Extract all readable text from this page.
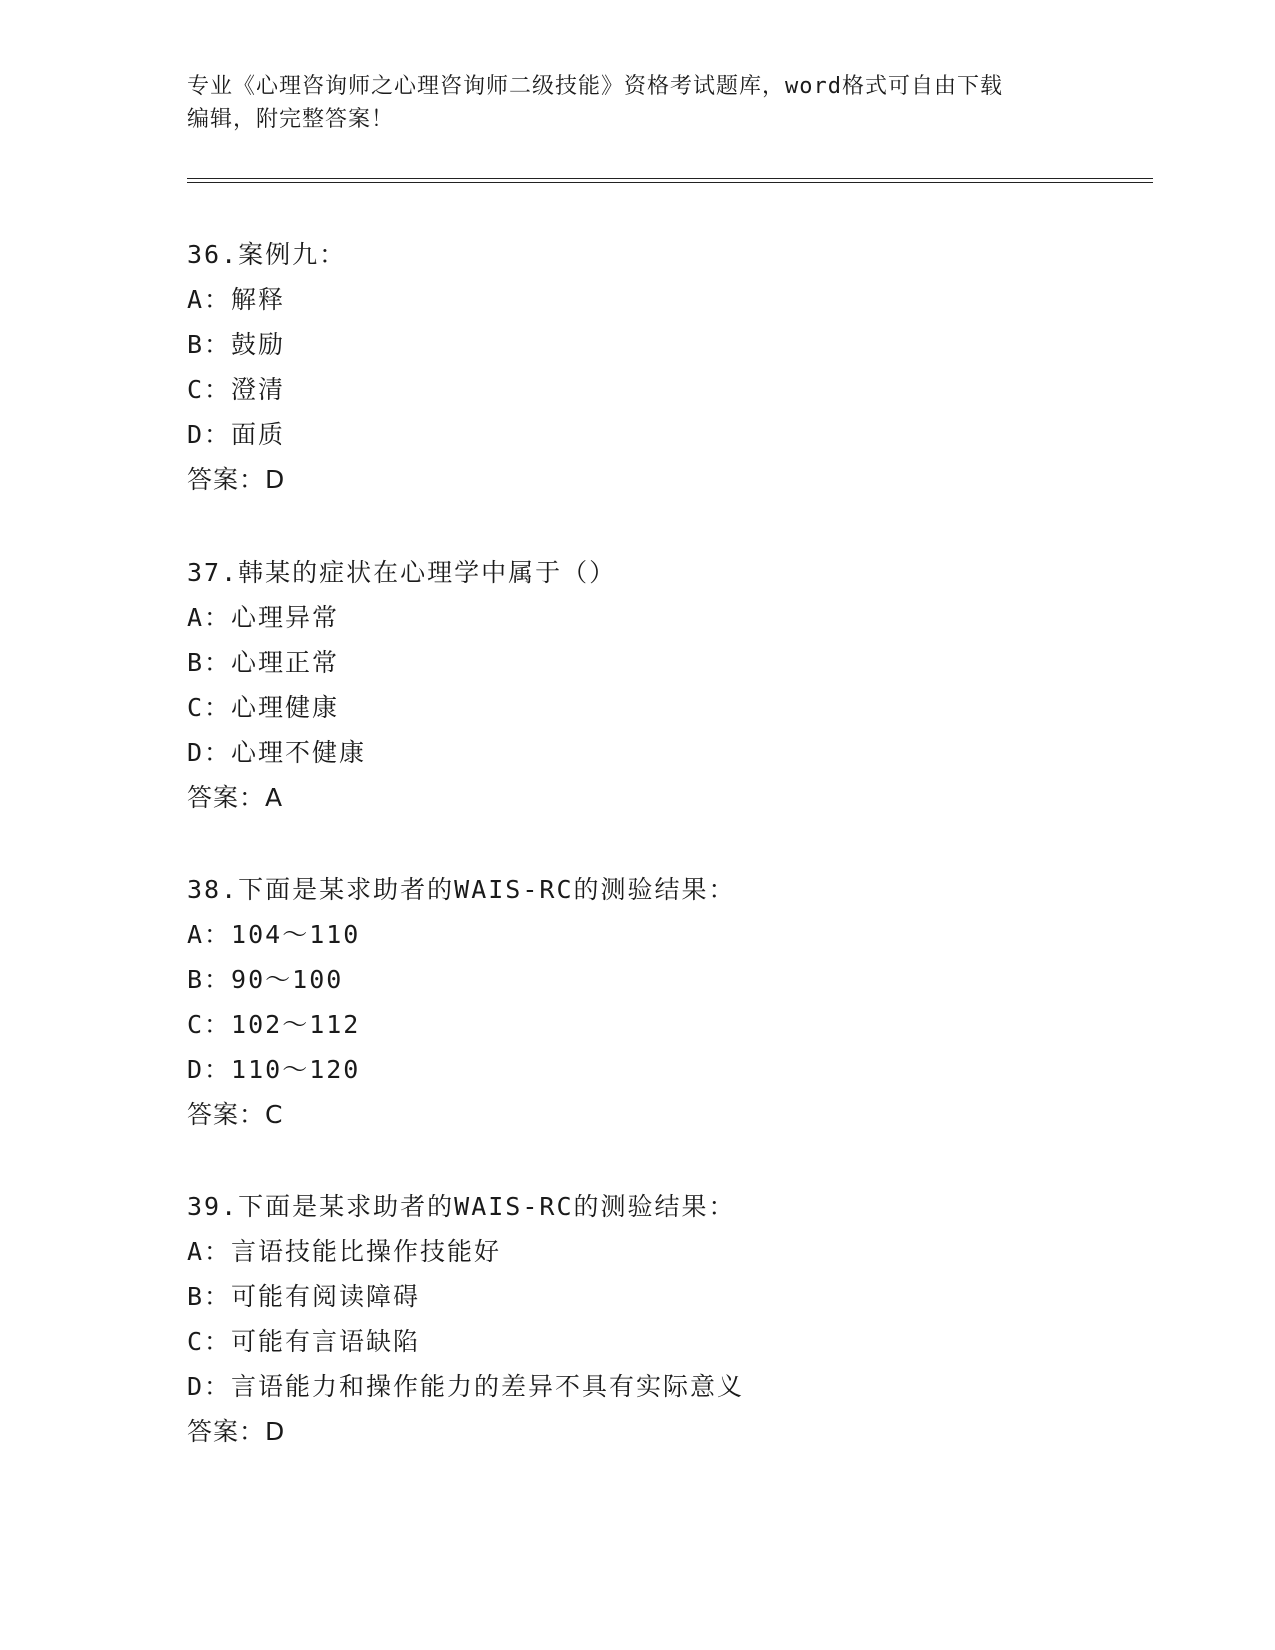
专业《心理咨询师之心理咨询师二级技能》资格考试题库，word格式可自由下载
编辑，附完整答案！
36.案例九：
A：解释
B：鼓励
C：澄清
D：面质
答案：D
37.韩某的症状在心理学中属于（）
A：心理异常
B：心理正常
C：心理健康
D：心理不健康
答案：A
38.下面是某求助者的WAIS-RC的测验结果：
A：104～110
B：90～100
C：102～112
D：110～120
答案：C
39.下面是某求助者的WAIS-RC的测验结果：
A：言语技能比操作技能好
B：可能有阅读障碍
C：可能有言语缺陷
D：言语能力和操作能力的差异不具有实际意义
答案：D
